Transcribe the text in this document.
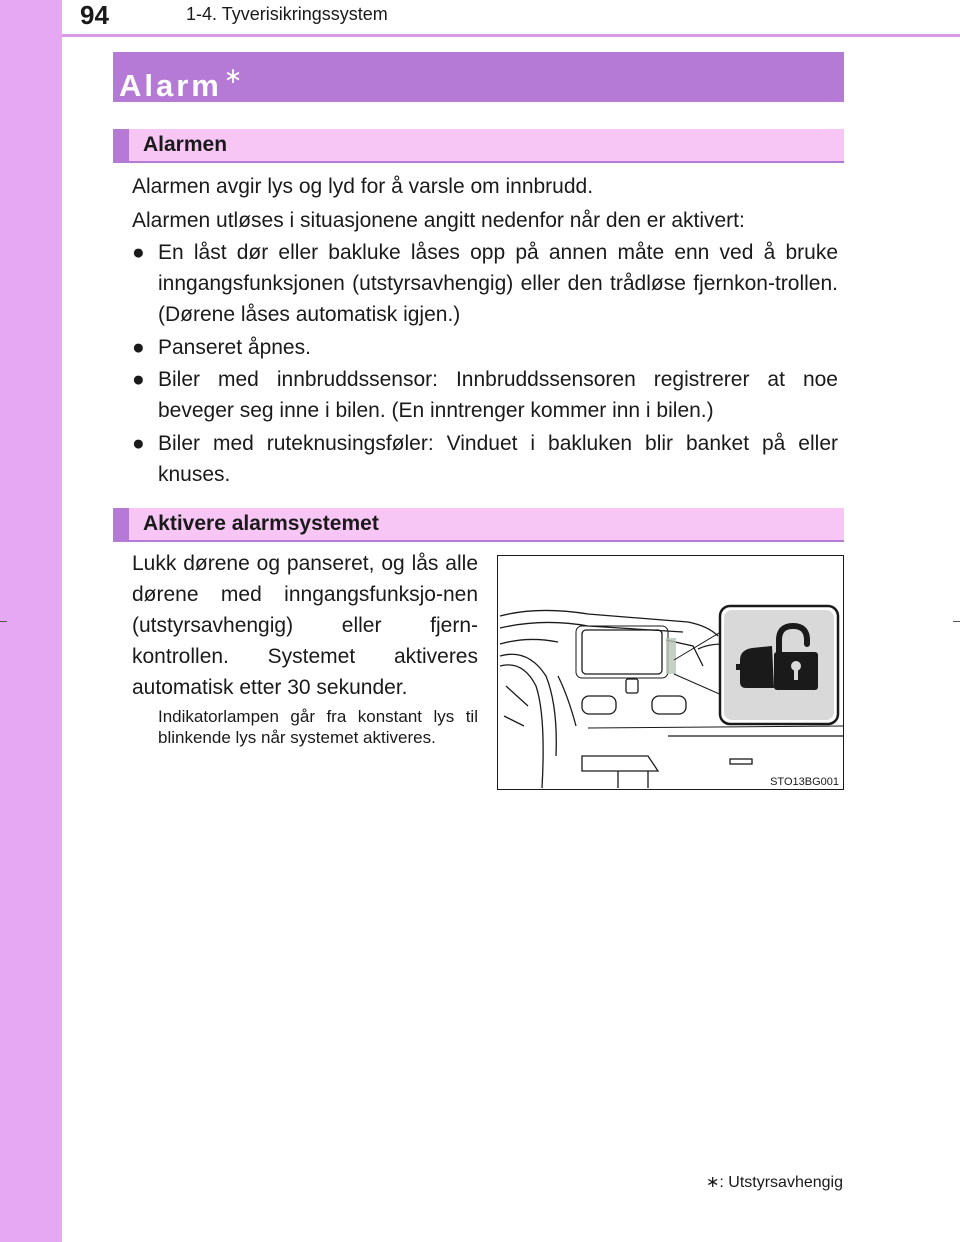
94	1-4. Tyverisikringssystem
Alarm∗
Alarmen
Alarmen avgir lys og lyd for å varsle om innbrudd.
Alarmen utløses i situasjonene angitt nedenfor når den er aktivert:
● En låst dør eller bakluke låses opp på annen måte enn ved å bruke inngangsfunksjonen (utstyrsavhengig) eller den trådløse fjernkon-trollen. (Dørene låses automatisk igjen.)
● Panseret åpnes.
● Biler med innbruddssensor: Innbruddssensoren registrerer at noe beveger seg inne i bilen. (En inntrenger kommer inn i bilen.)
● Biler med ruteknusingsføler: Vinduet i bakluken blir banket på eller knuses.
Aktivere alarmsystemet
Lukk dørene og panseret, og lås alle dørene med inngangsfunksjo-nen (utstyrsavhengig) eller fjern-kontrollen. Systemet aktiveres automatisk etter 30 sekunder.
Indikatorlampen går fra konstant lys til blinkende lys når systemet aktiveres.
STO13BG001
∗: Utstyrsavhengig
